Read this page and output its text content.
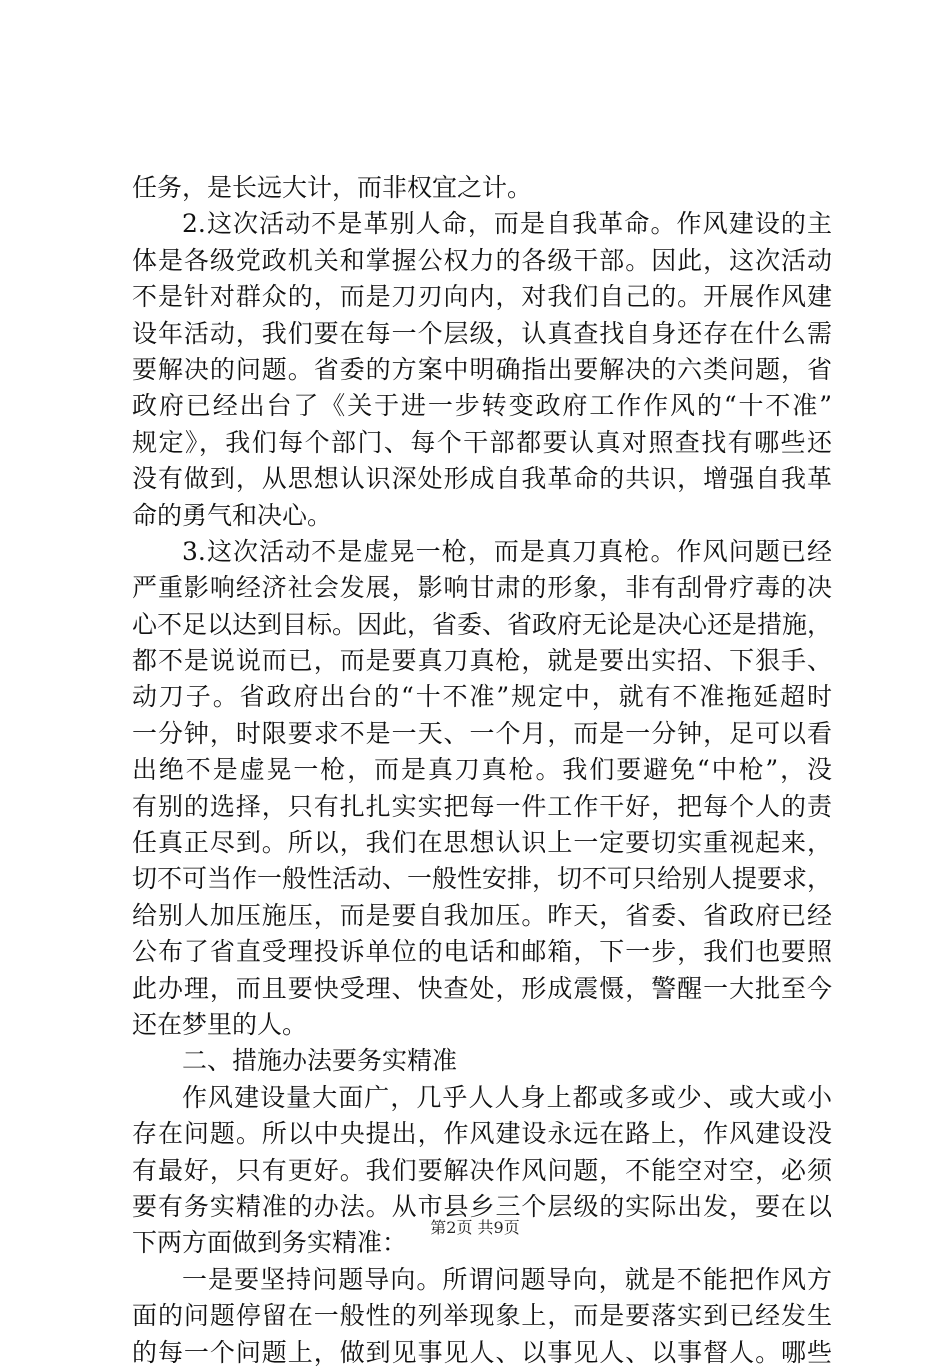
任务，是长远大计，而非权宜之计。
2.这次活动不是革别人命，而是自我革命。作风建设的主
体是各级党政机关和掌握公权力的各级干部。因此，这次活动
不是针对群众的，而是刀刃向内，对我们自己的。开展作风建
设年活动，我们要在每一个层级，认真查找自身还存在什么需
要解决的问题。省委的方案中明确指出要解决的六类问题，省
政府已经出台了《关于进一步转变政府工作作风的“十不准”
规定》，我们每个部门、每个干部都要认真对照查找有哪些还
没有做到，从思想认识深处形成自我革命的共识，增强自我革
命的勇气和决心。
3.这次活动不是虚晃一枪，而是真刀真枪。作风问题已经
严重影响经济社会发展，影响甘肃的形象，非有刮骨疗毒的决
心不足以达到目标。因此，省委、省政府无论是决心还是措施，
都不是说说而已，而是要真刀真枪，就是要出实招、下狠手、
动刀子。省政府出台的“十不准”规定中，就有不准拖延超时
一分钟，时限要求不是一天、一个月，而是一分钟，足可以看
出绝不是虚晃一枪，而是真刀真枪。我们要避免“中枪”，没
有别的选择，只有扎扎实实把每一件工作干好，把每个人的责
任真正尽到。所以，我们在思想认识上一定要切实重视起来，
切不可当作一般性活动、一般性安排，切不可只给别人提要求，
给别人加压施压，而是要自我加压。昨天，省委、省政府已经
公布了省直受理投诉单位的电话和邮箱，下一步，我们也要照
此办理，而且要快受理、快查处，形成震慑，警醒一大批至今
还在梦里的人。
二、措施办法要务实精准
作风建设量大面广，几乎人人身上都或多或少、或大或小
存在问题。所以中央提出，作风建设永远在路上，作风建设没
有最好，只有更好。我们要解决作风问题，不能空对空，必须
要有务实精准的办法。从市县乡三个层级的实际出发，要在以
下两方面做到务实精准：
一是要坚持问题导向。所谓问题导向，就是不能把作风方
面的问题停留在一般性的列举现象上，而是要落实到已经发生
的每一个问题上，做到见事见人、以事见人、以事督人。哪些
第2页 共9页
